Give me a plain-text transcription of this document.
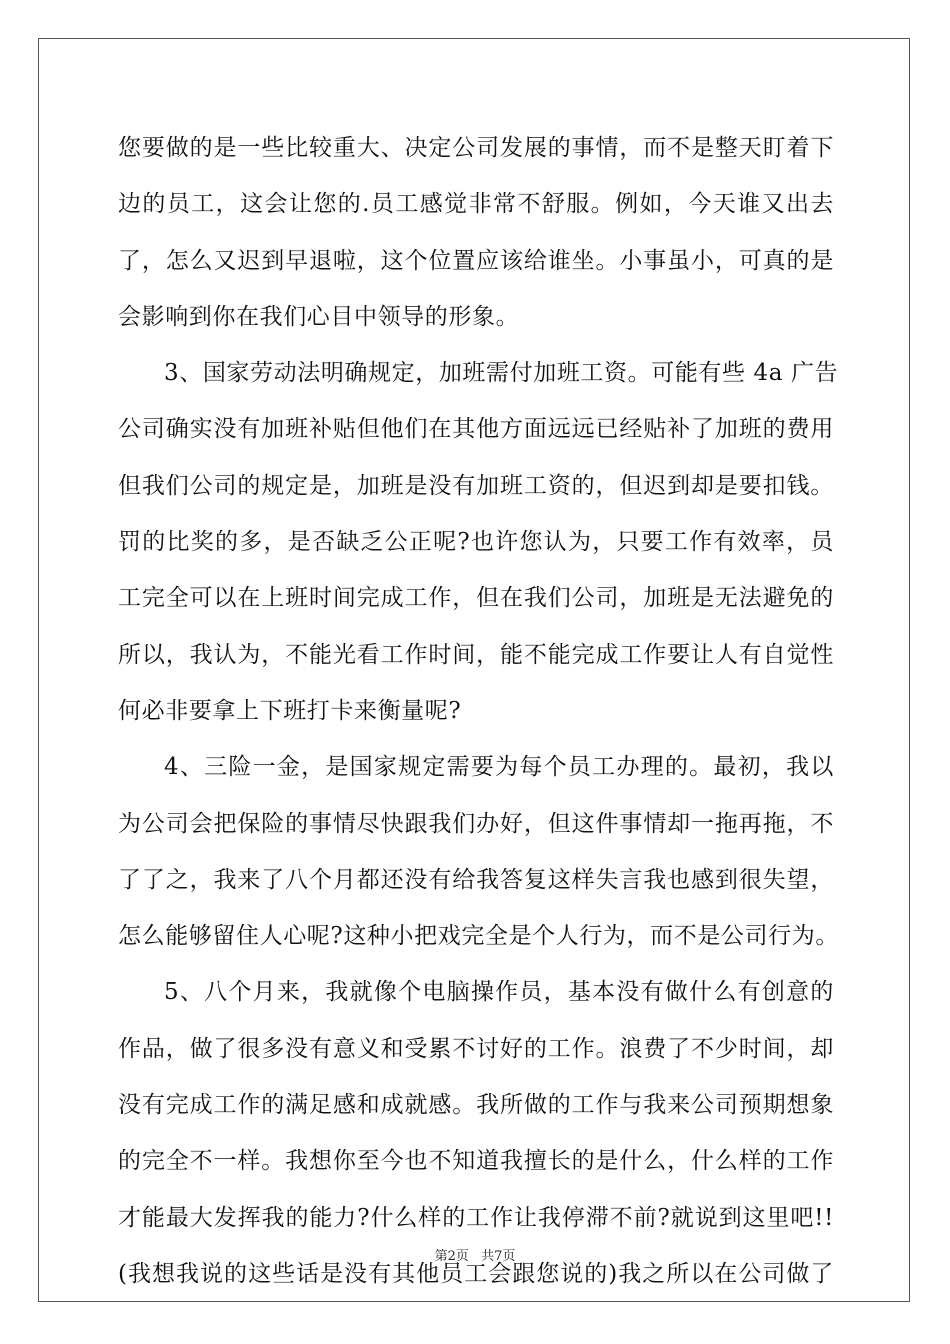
您要做的是一些比较重大、决定公司发展的事情，而不是整天盯着下
边的员工，这会让您的.员工感觉非常不舒服。例如，今天谁又出去
了，怎么又迟到早退啦，这个位置应该给谁坐。小事虽小，可真的是
会影响到你在我们心目中领导的形象。
3、国家劳动法明确规定，加班需付加班工资。可能有些 4a 广告
公司确实没有加班补贴但他们在其他方面远远已经贴补了加班的费用
但我们公司的规定是，加班是没有加班工资的，但迟到却是要扣钱。
罚的比奖的多，是否缺乏公正呢?也许您认为，只要工作有效率，员
工完全可以在上班时间完成工作，但在我们公司，加班是无法避免的
所以，我认为，不能光看工作时间，能不能完成工作要让人有自觉性
何必非要拿上下班打卡来衡量呢?
4、三险一金，是国家规定需要为每个员工办理的。最初，我以
为公司会把保险的事情尽快跟我们办好，但这件事情却一拖再拖，不
了了之，我来了八个月都还没有给我答复这样失言我也感到很失望，
怎么能够留住人心呢?这种小把戏完全是个人行为，而不是公司行为。
5、八个月来，我就像个电脑操作员，基本没有做什么有创意的
作品，做了很多没有意义和受累不讨好的工作。浪费了不少时间，却
没有完成工作的满足感和成就感。我所做的工作与我来公司预期想象
的完全不一样。我想你至今也不知道我擅长的是什么，什么样的工作
才能最大发挥我的能力?什么样的工作让我停滞不前?就说到这里吧!!
(我想我说的这些话是没有其他员工会跟您说的)我之所以在公司做了
第2页 共7页
